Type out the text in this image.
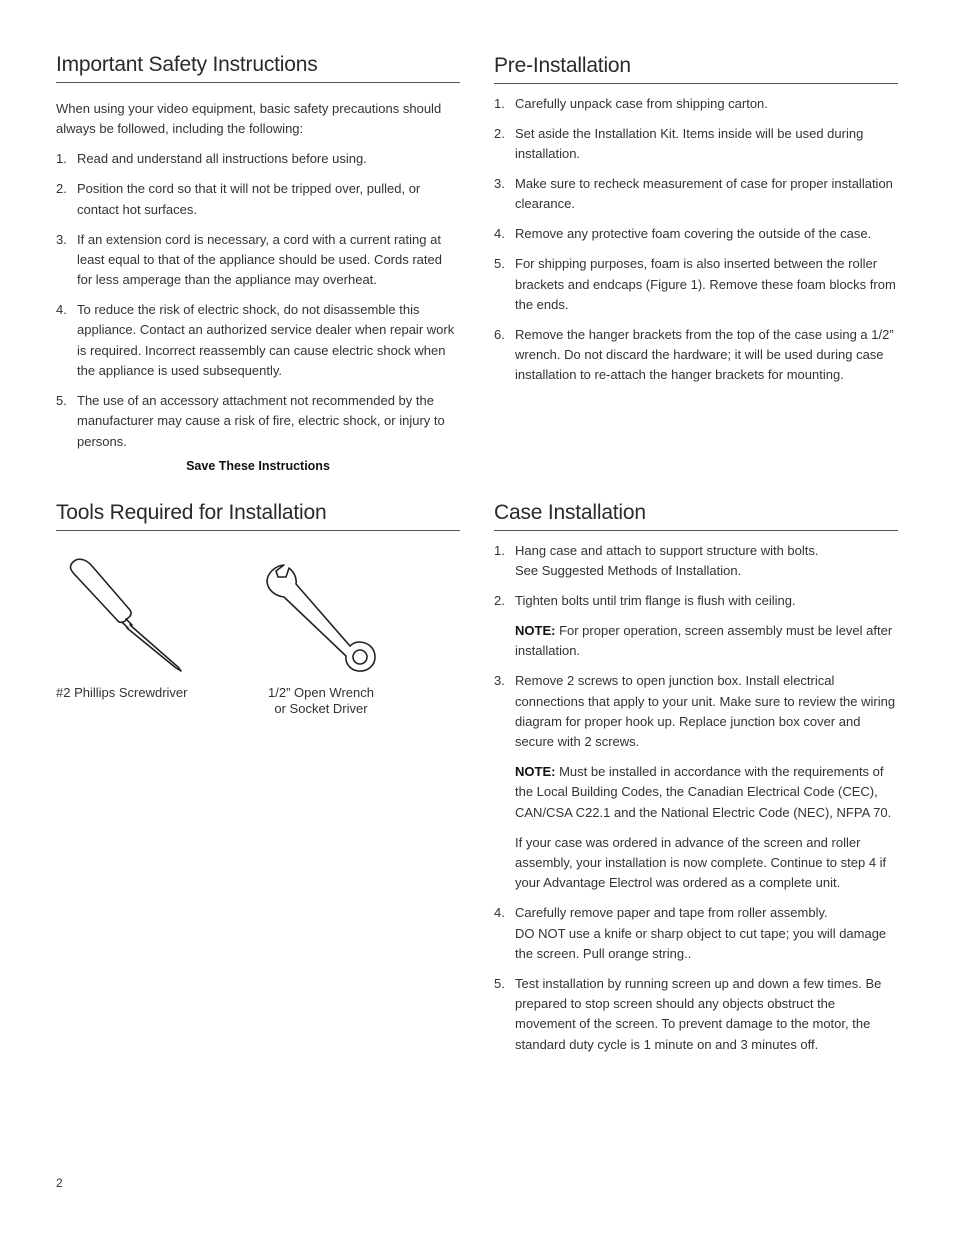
Important Safety Instructions

When using your video equipment, basic safety precautions should always be followed, including the following:

1. Read and understand all instructions before using.
2. Position the cord so that it will not be tripped over, pulled, or contact hot surfaces.
3. If an extension cord is necessary, a cord with a current rating at least equal to that of the appliance should be used. Cords rated for less amperage than the appliance may overheat.
4. To reduce the risk of electric shock, do not disassemble this appliance. Contact an authorized service dealer when repair work is required. Incorrect reassembly can cause electric shock when the appliance is used subsequently.
5. The use of an accessory attachment not recommended by the manufacturer may cause a risk of fire, electric shock, or injury to persons.
Save These Instructions
Pre-Installation
1. Carefully unpack case from shipping carton.
2. Set aside the Installation Kit. Items inside will be used during installation.
3. Make sure to recheck measurement of case for proper installation clearance.
4. Remove any protective foam covering the outside of the case.
5. For shipping purposes, foam is also inserted between the roller brackets and endcaps (Figure 1). Remove these foam blocks from the ends.
6. Remove the hanger brackets from the top of the case using a 1/2” wrench. Do not discard the hardware; it will be used during case installation to re-attach the hanger brackets for mounting.
Tools Required for Installation
#2 Phillips Screwdriver	1/2” Open Wrench
or Socket Driver
Case Installation
1. Hang case and attach to support structure with bolts.
See Suggested Methods of Installation.
2. Tighten bolts until trim flange is flush with ceiling.

NOTE: For proper operation, screen assembly must be level after installation.

3. Remove 2 screws to open junction box. Install electrical connections that apply to your unit. Make sure to review the wiring diagram for proper hook up. Replace junction box cover and secure with 2 screws.

NOTE: Must be installed in accordance with the requirements of the Local Building Codes, the Canadian Electrical Code (CEC), CAN/CSA C22.1 and the National Electric Code (NEC), NFPA 70.

If your case was ordered in advance of the screen and roller assembly, your installation is now complete. Continue to step 4 if your Advantage Electrol was ordered as a complete unit.

4. Carefully remove paper and tape from roller assembly.
DO NOT use a knife or sharp object to cut tape; you will damage the screen. Pull orange string..
5. Test installation by running screen up and down a few times. Be prepared to stop screen should any objects obstruct the movement of the screen. To prevent damage to the motor, the standard duty cycle is 1 minute on and 3 minutes off.
2
